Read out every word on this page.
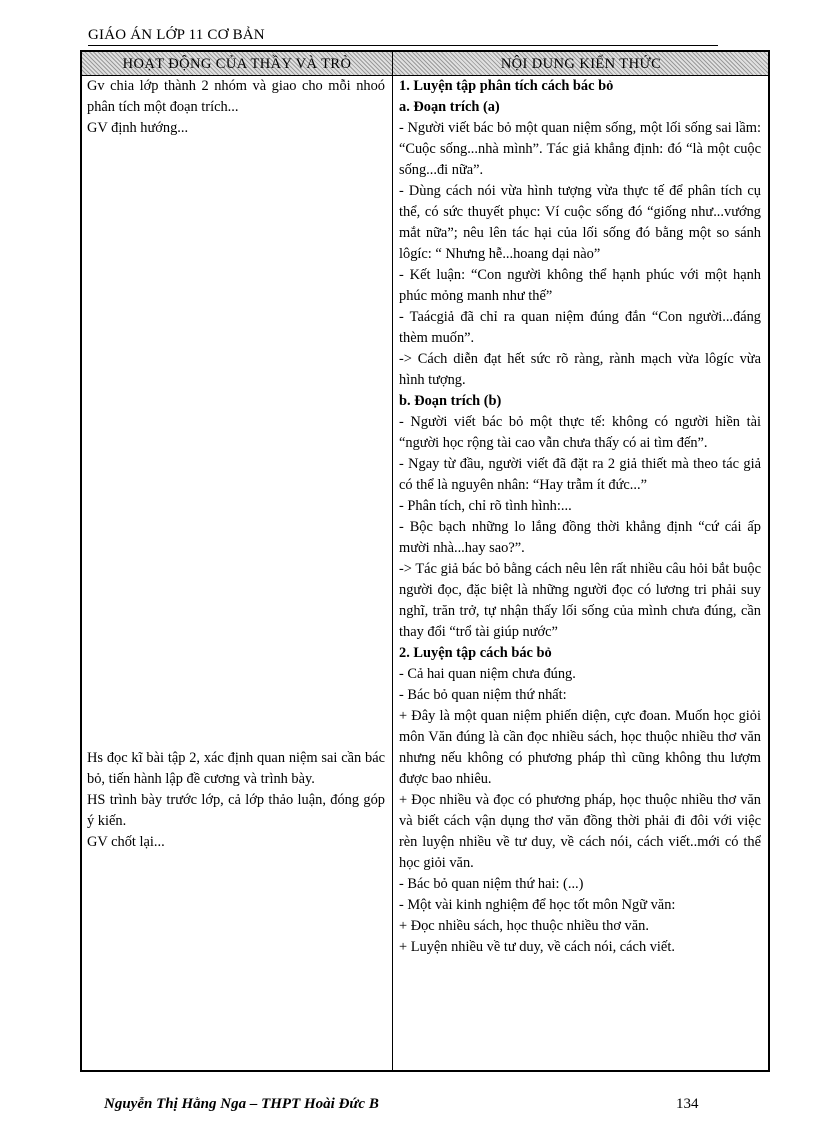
GIÁO ÁN LỚP 11 CƠ BẢN
HOẠT ĐỘNG CỦA THẦY VÀ TRÒ	NỘI DUNG KIẾN THỨC

Gv chia lớp thành 2 nhóm và giao cho mỗi nhoó phân tích một đoạn trích...

GV định hướng...

Hs đọc kĩ bài tập 2, xác định quan niệm sai cần bác bỏ, tiến hành lập đề cương và trình bày.

HS trình bày trước lớp, cả lớp thảo luận, đóng góp ý kiến.

GV chốt lại...

1. Luyện tập phân tích cách bác bỏ

a. Đoạn trích (a)

- Người viết bác bỏ một quan niệm sống, một lối sống sai lầm: “Cuộc sống...nhà mình”. Tác giả khẳng định: đó “là một cuộc sống...đi nữa”.

- Dùng cách nói vừa hình tượng vừa thực tế để phân tích cụ thể, có sức thuyết phục: Ví cuộc sống đó “giống như...vướng mắt nữa”; nêu lên tác hại của lối sống đó bằng một so sánh lôgíc: “ Nhưng hễ...hoang dại nào”

- Kết luận: “Con người không thể hạnh phúc với một hạnh phúc mỏng manh như thế”

- Taácgiả đã chỉ ra quan niệm đúng đắn “Con người...đáng thèm muốn”.

-> Cách diễn đạt hết sức rõ ràng, rành mạch vừa lôgíc vừa hình tượng.

b. Đoạn trích (b)

- Người viết bác bỏ một thực tế: không có người hiền tài “người học rộng tài cao vẫn chưa thấy có ai tìm đến”.

- Ngay từ đầu, người viết đã đặt ra 2 giả thiết mà theo tác giả có thể là nguyên nhân: “Hay trẫm ít đức...”

- Phân tích, chỉ rõ tình hình:...

- Bộc bạch những lo lắng đồng thời khẳng định “cứ cái ấp mười nhà...hay sao?”.

-> Tác giả bác bỏ bằng cách nêu lên rất nhiều câu hỏi bắt buộc người đọc, đặc biệt là những người đọc có lương tri phải suy nghĩ, trăn trở, tự nhận thấy lối sống của mình chưa đúng, cần thay đổi “trổ tài giúp nước”

2. Luyện tập cách bác bỏ

- Cả hai quan niệm chưa đúng.

- Bác bỏ quan niệm thứ nhất:

+ Đây là một quan niệm phiến diện, cực đoan. Muốn học giỏi môn Văn đúng là cần đọc nhiều sách, học thuộc nhiều thơ văn nhưng nếu không có phương pháp thì cũng không thu lượm được bao nhiêu.

+ Đọc nhiều và đọc có phương pháp, học thuộc nhiều thơ văn và biết cách vận dụng thơ văn đồng thời phải đi đôi với việc rèn luyện nhiều về tư duy, về cách nói, cách viết..mới có thể học giỏi văn.

- Bác bỏ quan niệm thứ hai: (...)

- Một vài kinh nghiệm để học tốt môn Ngữ văn:

+ Đọc nhiều sách, học thuộc nhiều thơ văn.

+ Luyện nhiều về tư duy, về cách nói, cách viết.

Nguyễn Thị Hằng Nga – THPT Hoài Đức B	134
